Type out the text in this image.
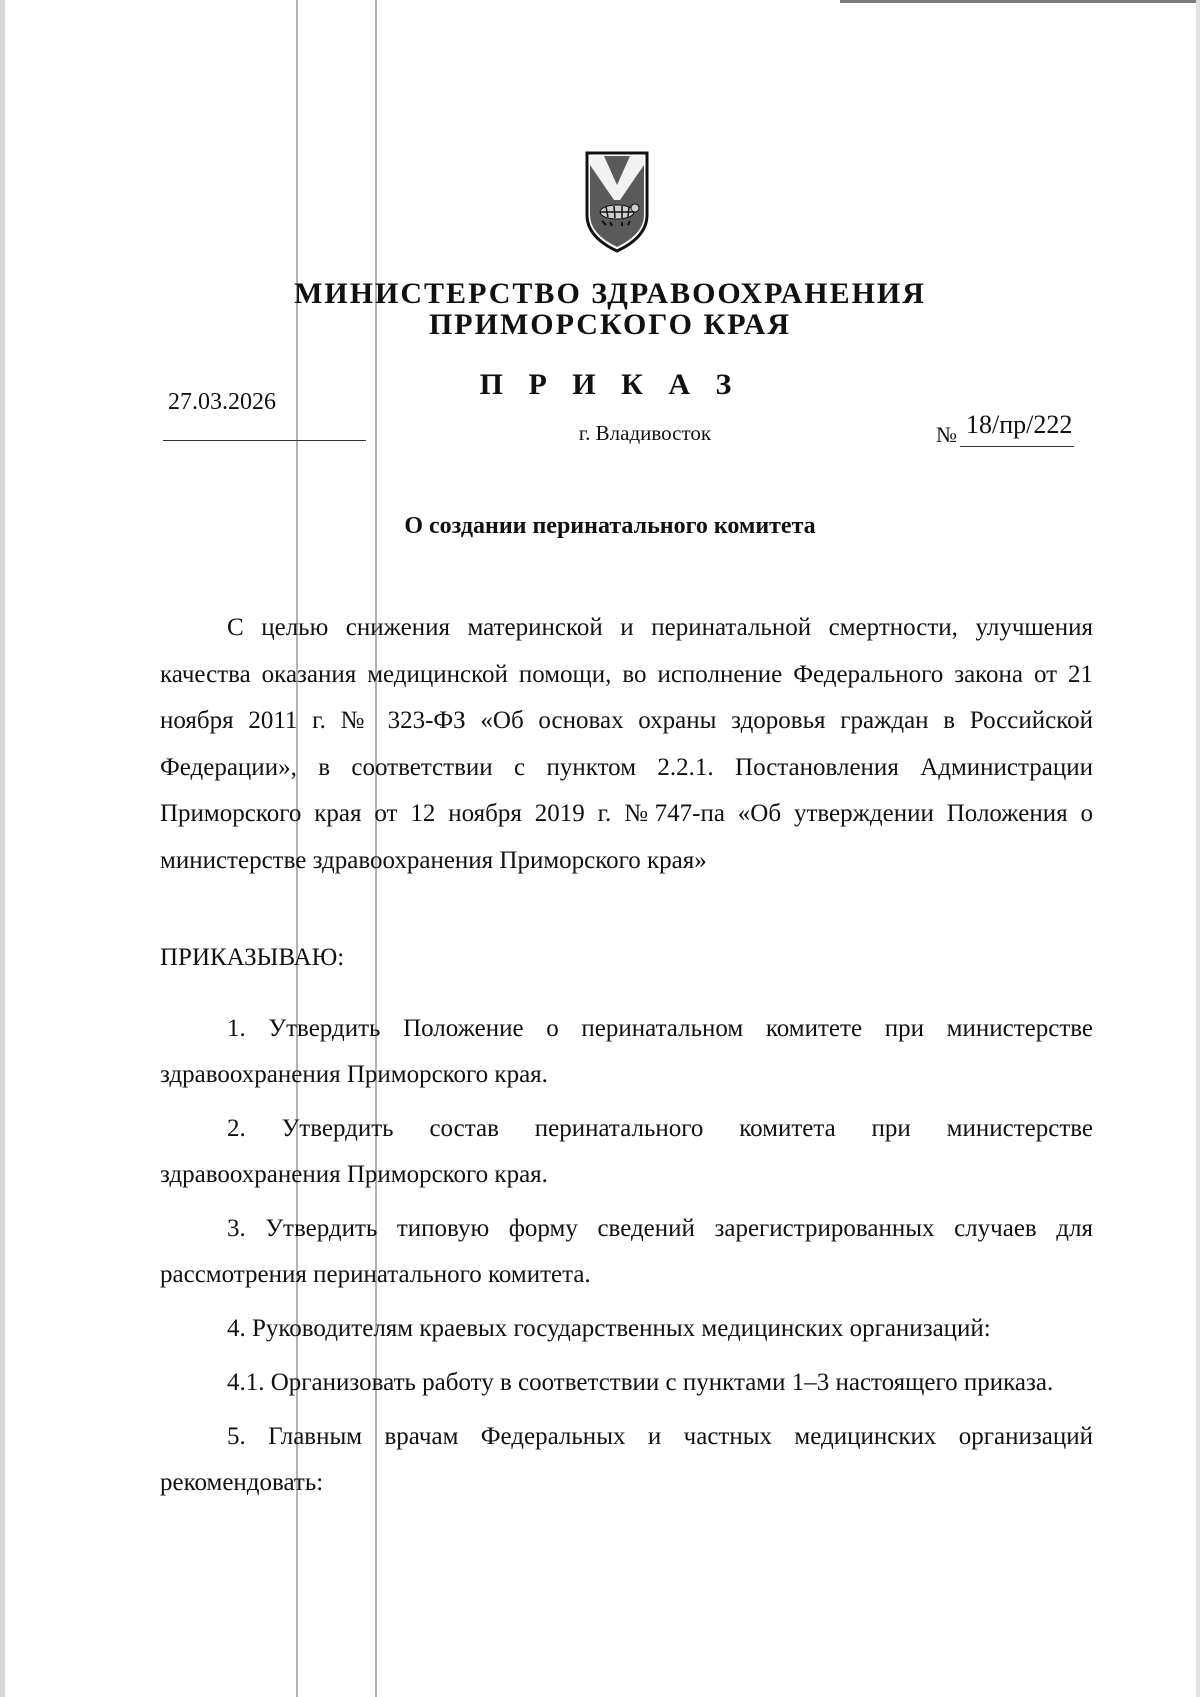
МИНИСТЕРСТВО ЗДРАВООХРАНЕНИЯ
ПРИМОРСКОГО КРАЯ
П Р И К А З
27.03.2026
г. Владивосток	№ 18/пр/222
О создании перинатального комитета

С целью снижения материнской и перинатальной смертности, улучшения качества оказания медицинской помощи, во исполнение Федерального закона от 21 ноября 2011 г. № 323-ФЗ «Об основах охраны здоровья граждан в Российской Федерации», в соответствии с пунктом 2.2.1. Постановления Администрации Приморского края от 12 ноября 2019 г. №747-па «Об утверждении Положения о министерстве здравоохранения Приморского края»

ПРИКАЗЫВАЮ:

1. Утвердить Положение о перинатальном комитете при министерстве здравоохранения Приморского края.

2. Утвердить состав перинатального комитета при министерстве здравоохранения Приморского края.

3. Утвердить типовую форму сведений зарегистрированных случаев для рассмотрения перинатального комитета.

4. Руководителям краевых государственных медицинских организаций:

4.1. Организовать работу в соответствии с пунктами 1–3 настоящего приказа.

5. Главным врачам Федеральных и частных медицинских организаций рекомендовать:
